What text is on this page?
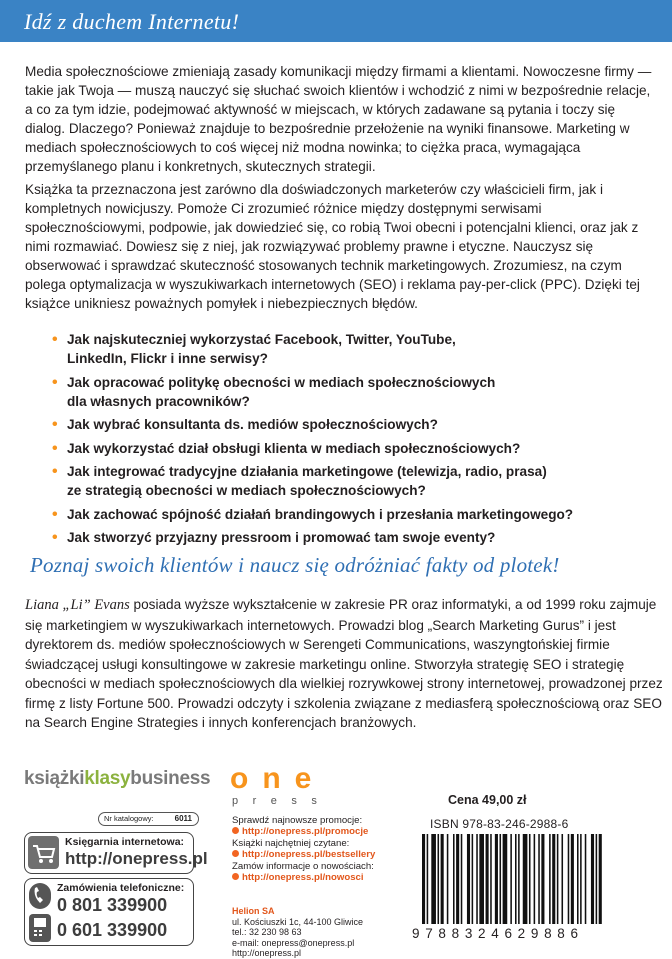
Idź z duchem Internetu!
Media społecznościowe zmieniają zasady komunikacji między firmami a klientami. Nowoczesne firmy — takie jak Twoja — muszą nauczyć się słuchać swoich klientów i wchodzić z nimi w bezpośrednie relacje, a co za tym idzie, podejmować aktywność w miejscach, w których zadawane są pytania i toczy się dialog. Dlaczego? Ponieważ znajduje to bezpośrednie przełożenie na wyniki finansowe. Marketing w mediach społecznościowych to coś więcej niż modna nowinka; to ciężka praca, wymagająca przemyślanego planu i konkretnych, skutecznych strategii.
Książka ta przeznaczona jest zarówno dla doświadczonych marketerów czy właścicieli firm, jak i kompletnych nowicjuszy. Pomoże Ci zrozumieć różnice między dostępnymi serwisami społecznościowymi, podpowie, jak dowiedzieć się, co robią Twoi obecni i potencjalni klienci, oraz jak z nimi rozmawiać. Dowiesz się z niej, jak rozwiązywać problemy prawne i etyczne. Nauczysz się obserwować i sprawdzać skuteczność stosowanych technik marketingowych. Zrozumiesz, na czym polega optymalizacja w wyszukiwarkach internetowych (SEO) i reklama pay-per-click (PPC). Dzięki tej książce unikniesz poważnych pomyłek i niebezpiecznych błędów.
• Jak najskuteczniej wykorzystać Facebook, Twitter, YouTube,
LinkedIn, Flickr i inne serwisy?
• Jak opracować politykę obecności w mediach społecznościowych
dla własnych pracowników?
• Jak wybrać konsultanta ds. mediów społecznościowych?
• Jak wykorzystać dział obsługi klienta w mediach społecznościowych?
• Jak integrować tradycyjne działania marketingowe (telewizja, radio, prasa)
ze strategią obecności w mediach społecznościowych?
• Jak zachować spójność działań brandingowych i przesłania marketingowego?
• Jak stworzyć przyjazny pressroom i promować tam swoje eventy?
Poznaj swoich klientów i naucz się odróżniać fakty od plotek!
Liana „Li” Evans posiada wyższe wykształcenie w zakresie PR oraz informatyki, a od 1999 roku zajmuje się marketingiem w wyszukiwarkach internetowych. Prowadzi blog „Search Marketing Gurus” i jest dyrektorem ds. mediów społecznościowych w Serengeti Communications, waszyngtońskiej firmie świadczącej usługi konsultingowe w zakresie marketingu online. Stworzyła strategię SEO i strategię obecności w mediach społecznościowych dla wielkiej rozrywkowej strony internetowej, prowadzonej przez firmę z listy Fortune 500. Prowadzi odczyty i szkolenia związane z mediasferą społecznościową oraz SEO na Search Engine Strategies i innych konferencjach branżowych.
książkiklasybusiness
Nr katalogowy:	6011
Księgarnia internetowa:
http://onepress.pl
Zamówienia telefoniczne:
0 801 339900
0 601 339900
one
press
Sprawdź najnowsze promocje:
http://onepress.pl/promocje
Książki najchętniej czytane:
http://onepress.pl/bestsellery
Zamów informacje o nowościach:
http://onepress.pl/nowosci
Helion SA
ul. Kościuszki 1c, 44-100 Gliwice
tel.: 32 230 98 63
e-mail: onepress@onepress.pl
http://onepress.pl
Cena 49,00 zł
ISBN 978-83-246-2988-6
9788324629886
